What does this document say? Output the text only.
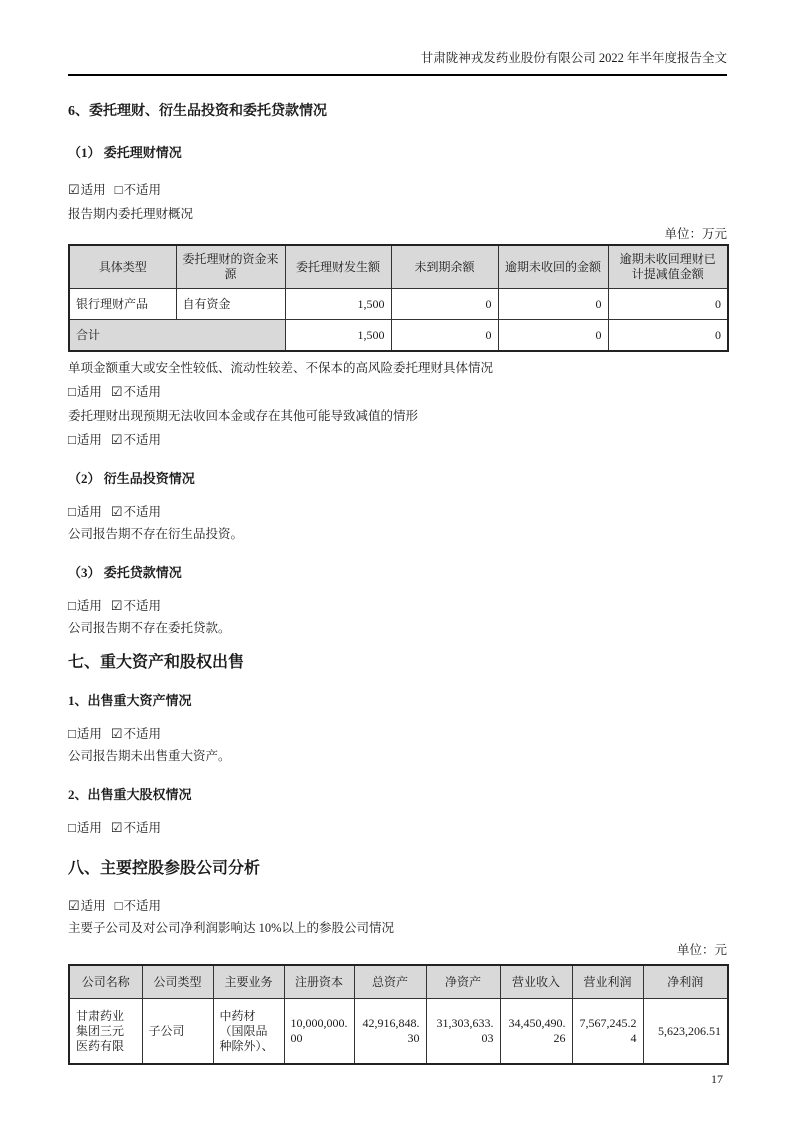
甘肃陇神戎发药业股份有限公司 2022 年半年度报告全文
6、委托理财、衍生品投资和委托贷款情况
（1） 委托理财情况
☑适用 □不适用
报告期内委托理财概况
单位：万元
具体类型	委托理财的资金来源	委托理财发生额	未到期余额	逾期未收回的金额	逾期未收回理财已计提减值金额
银行理财产品	自有资金	1,500	0	0	0
合计		1,500	0	0	0
单项金额重大或安全性较低、流动性较差、不保本的高风险委托理财具体情况
□适用 ☑不适用
委托理财出现预期无法收回本金或存在其他可能导致减值的情形
□适用 ☑不适用
（2） 衍生品投资情况
□适用 ☑不适用
公司报告期不存在衍生品投资。
（3） 委托贷款情况
□适用 ☑不适用
公司报告期不存在委托贷款。
七、重大资产和股权出售
1、出售重大资产情况
□适用 ☑不适用
公司报告期未出售重大资产。
2、出售重大股权情况
□适用 ☑不适用
八、主要控股参股公司分析
☑适用 □不适用
主要子公司及对公司净利润影响达 10%以上的参股公司情况
单位：元
公司名称	公司类型	主要业务	注册资本	总资产	净资产	营业收入	营业利润	净利润
甘肃药业集团三元医药有限	子公司	中药材（国限品种除外）、	10,000,000.00	42,916,848.30	31,303,633.03	34,450,490.26	7,567,245.24	5,623,206.51
17
